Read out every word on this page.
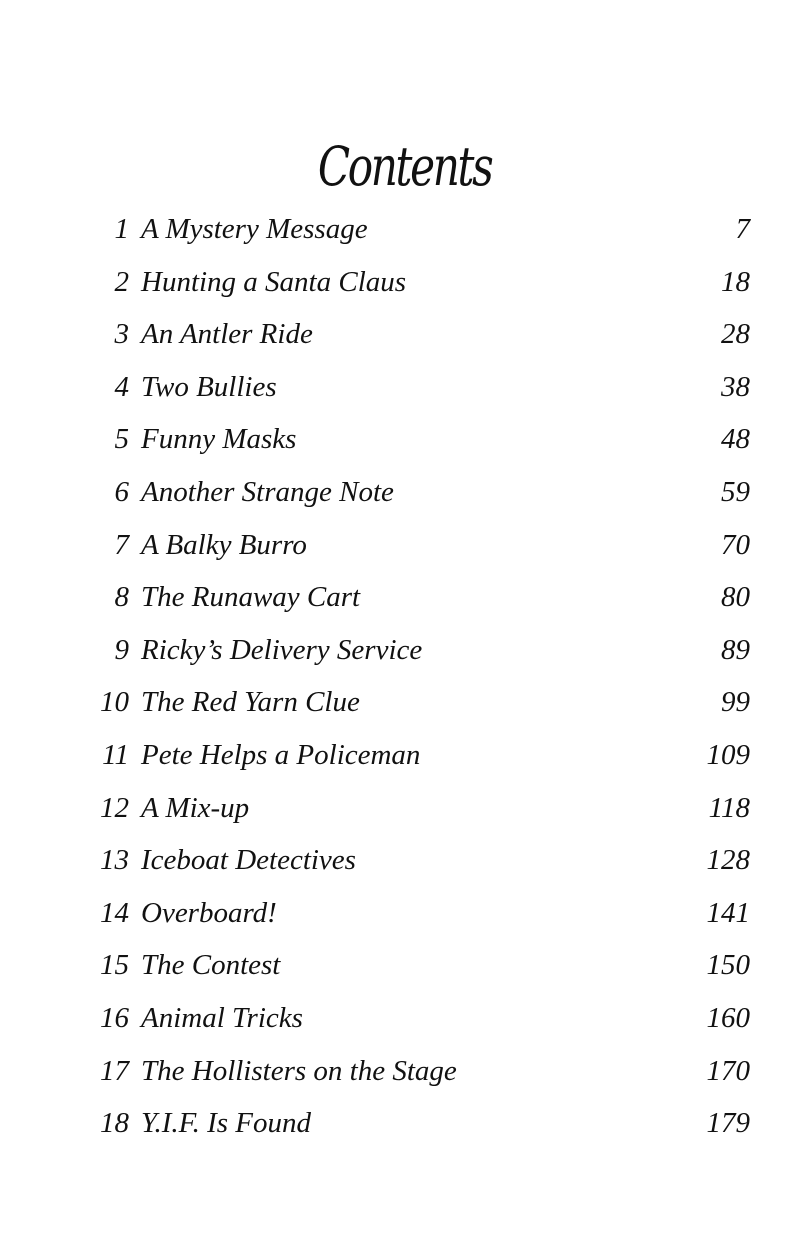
Contents
1 A Mystery Message	7
2 Hunting a Santa Claus	18
3 An Antler Ride	28
4 Two Bullies	38
5 Funny Masks	48
6 Another Strange Note	59
7 A Balky Burro	70
8 The Runaway Cart	80
9 Ricky’s Delivery Service	89
10 The Red Yarn Clue	99
11 Pete Helps a Policeman	109
12 A Mix-up	118
13 Iceboat Detectives	128
14 Overboard!	141
15 The Contest	150
16 Animal Tricks	160
17 The Hollisters on the Stage	170
18 Y.I.F. Is Found	179
